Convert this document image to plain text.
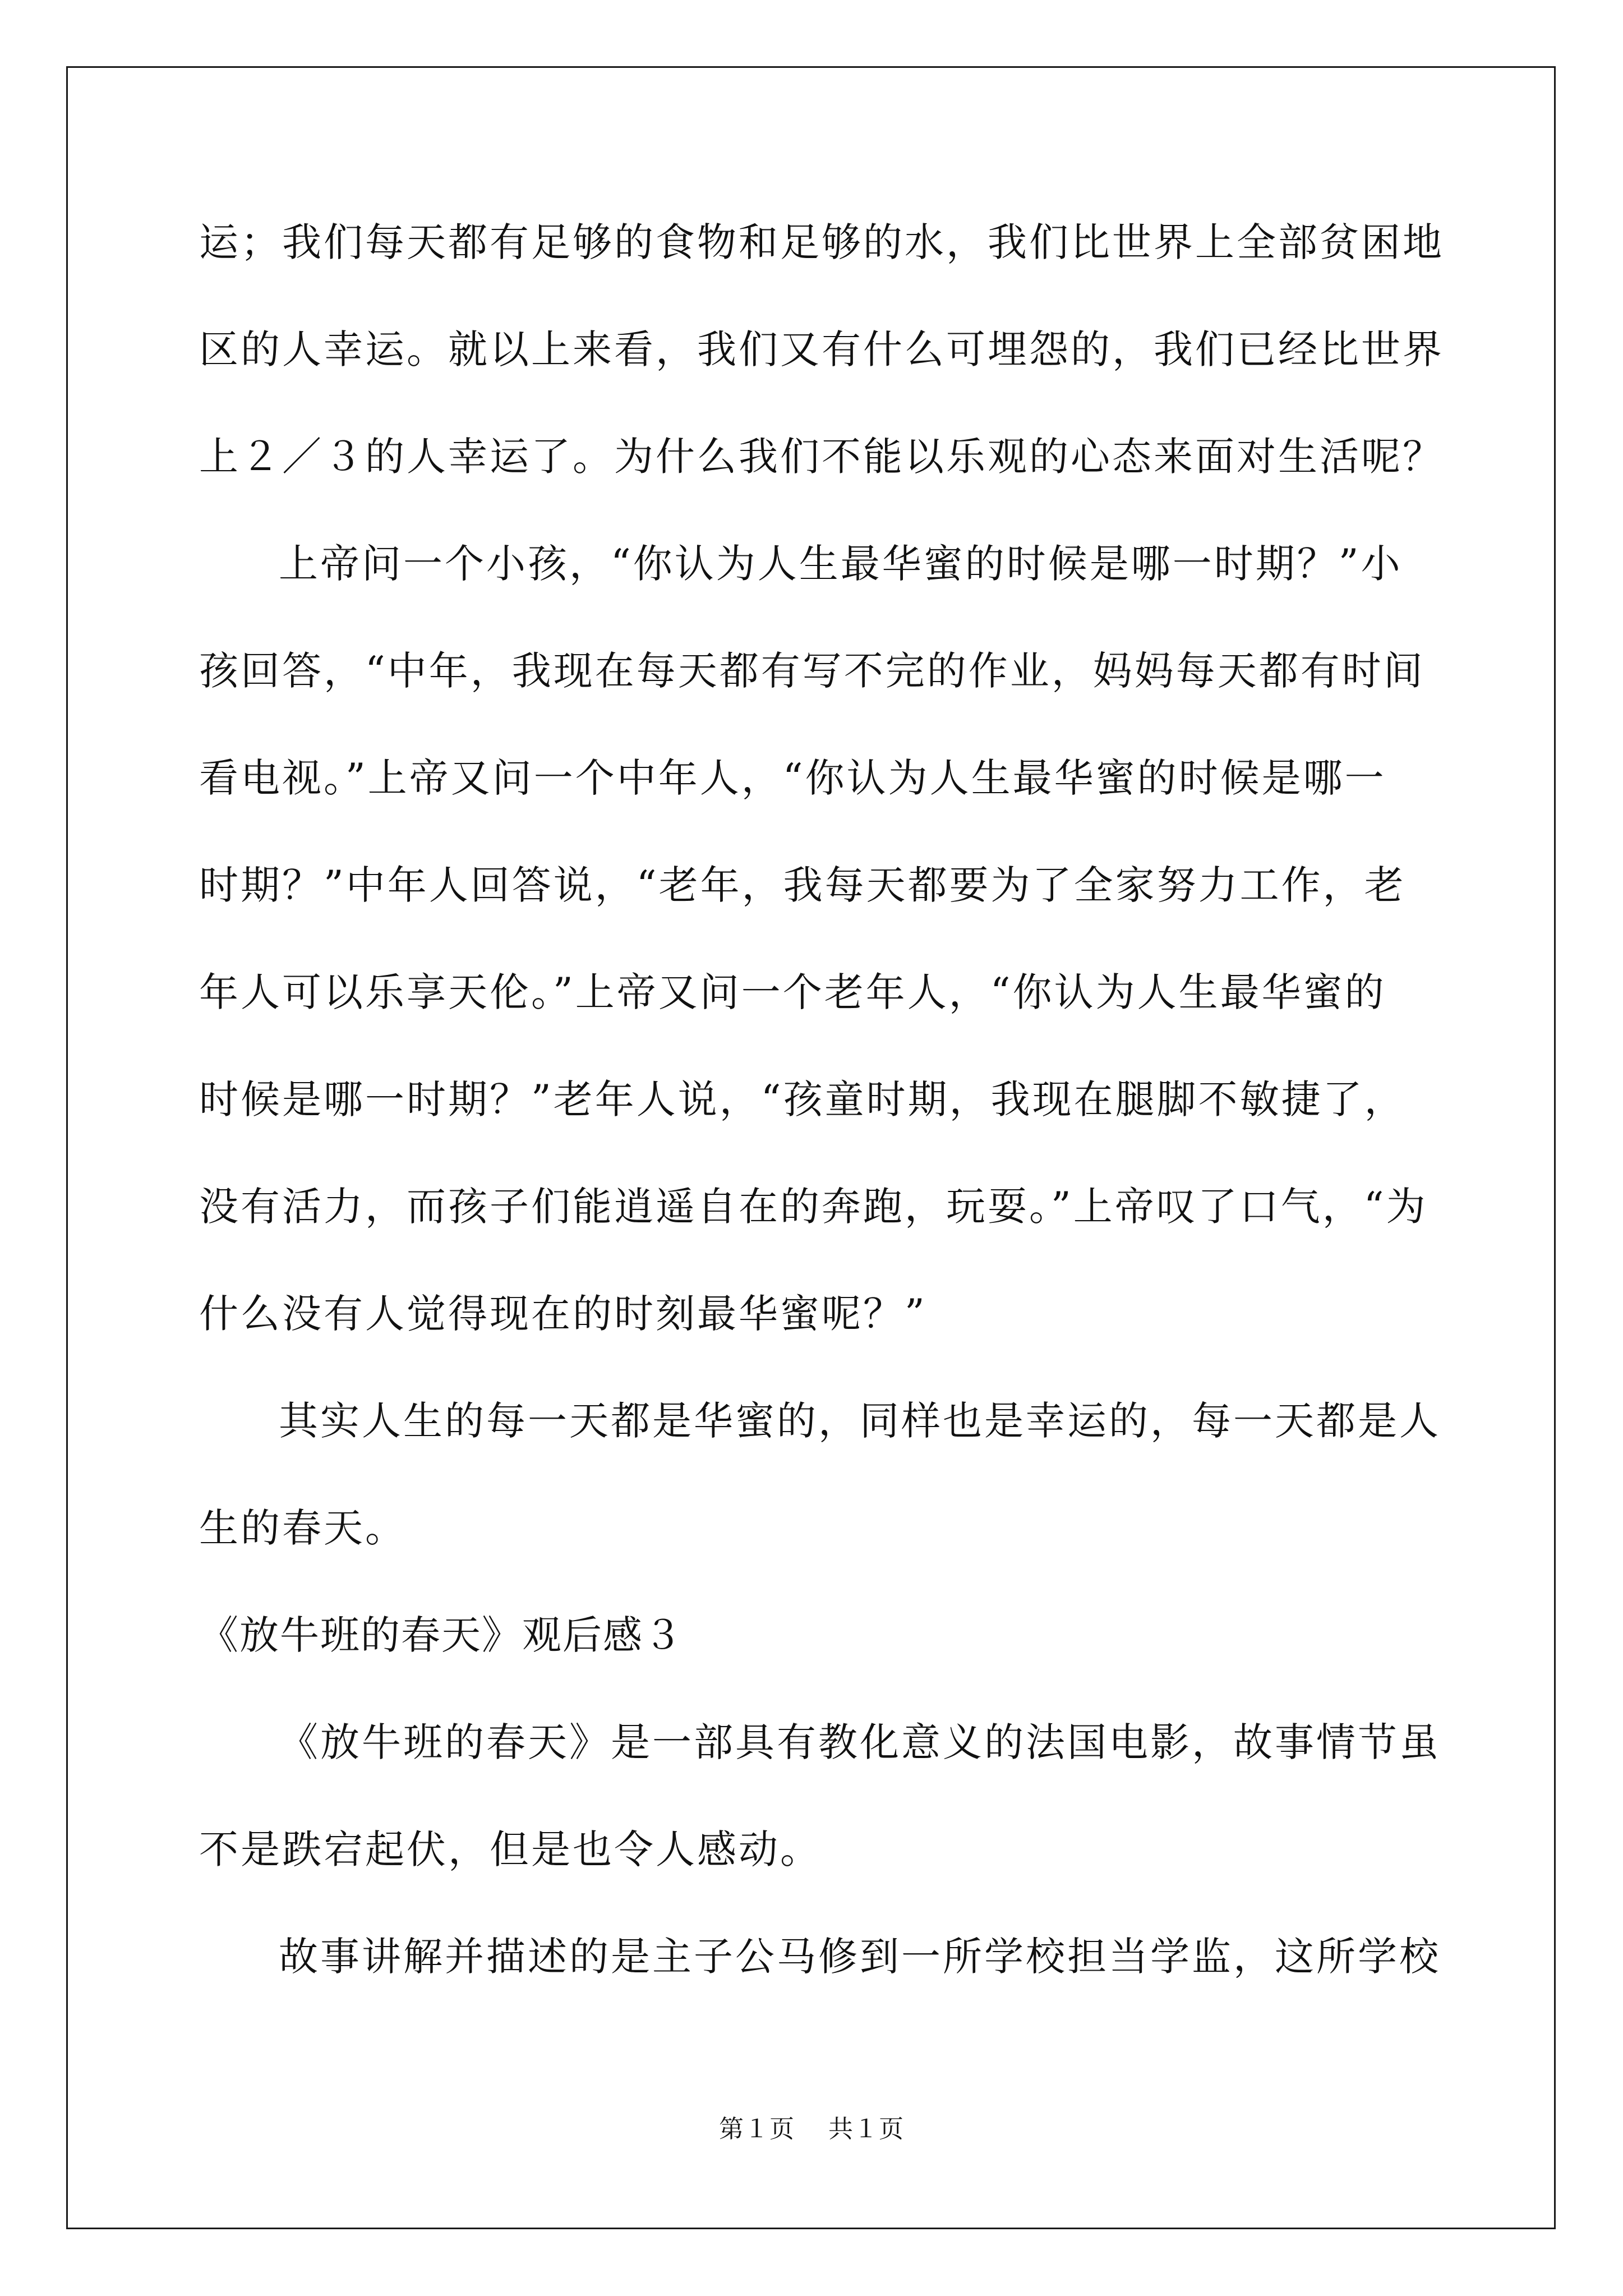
运；我们每天都有足够的食物和足够的水，我们比世界上全部贫困地
区的人幸运。就以上来看，我们又有什么可埋怨的，我们已经比世界
上２／３的人幸运了。为什么我们不能以乐观的心态来面对生活呢？
上帝问一个小孩，“你认为人生最华蜜的时候是哪一时期？”小
孩回答，“中年，我现在每天都有写不完的作业，妈妈每天都有时间
看电视。”上帝又问一个中年人，“你认为人生最华蜜的时候是哪一
时期？”中年人回答说，“老年，我每天都要为了全家努力工作，老
年人可以乐享天伦。”上帝又问一个老年人，“你认为人生最华蜜的
时候是哪一时期？”老年人说，“孩童时期，我现在腿脚不敏捷了，
没有活力，而孩子们能逍遥自在的奔跑，玩耍。”上帝叹了口气，“为
什么没有人觉得现在的时刻最华蜜呢？”
其实人生的每一天都是华蜜的，同样也是幸运的，每一天都是人
生的春天。
《放牛班的春天》观后感３
《放牛班的春天》是一部具有教化意义的法国电影，故事情节虽
不是跌宕起伏，但是也令人感动。
故事讲解并描述的是主子公马修到一所学校担当学监，这所学校
第１页 共１页
